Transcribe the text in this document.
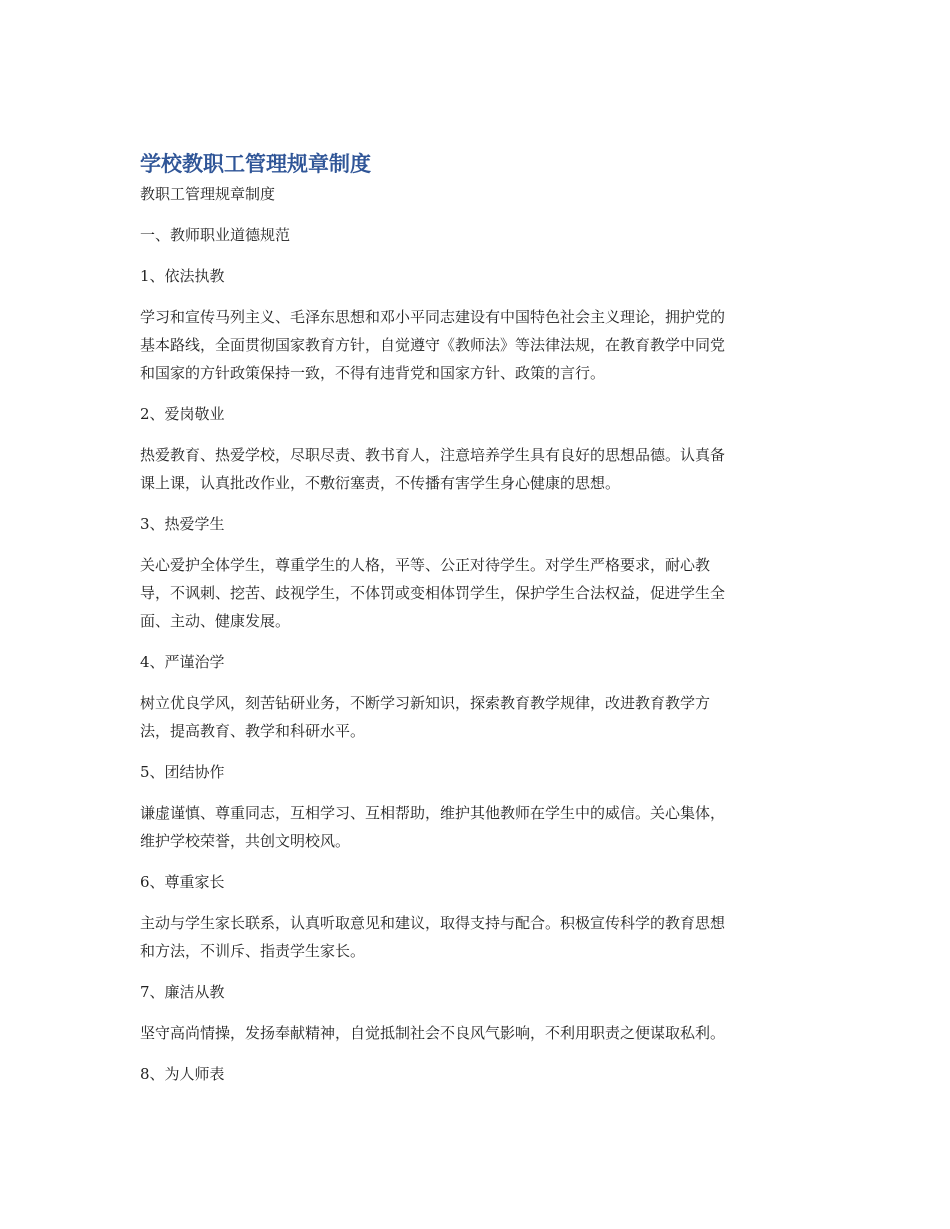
学校教职工管理规章制度
教职工管理规章制度
一、教师职业道德规范
1、依法执教
学习和宣传马列主义、毛泽东思想和邓小平同志建设有中国特色社会主义理论，拥护党的
基本路线，全面贯彻国家教育方针，自觉遵守《教师法》等法律法规，在教育教学中同党
和国家的方针政策保持一致，不得有违背党和国家方针、政策的言行。
2、爱岗敬业
热爱教育、热爱学校，尽职尽责、教书育人，注意培养学生具有良好的思想品德。认真备
课上课，认真批改作业，不敷衍塞责，不传播有害学生身心健康的思想。
3、热爱学生
关心爱护全体学生，尊重学生的人格，平等、公正对待学生。对学生严格要求，耐心教
导，不讽刺、挖苦、歧视学生，不体罚或变相体罚学生，保护学生合法权益，促进学生全
面、主动、健康发展。
4、严谨治学
树立优良学风，刻苦钻研业务，不断学习新知识，探索教育教学规律，改进教育教学方
法，提高教育、教学和科研水平。
5、团结协作
谦虚谨慎、尊重同志，互相学习、互相帮助，维护其他教师在学生中的威信。关心集体，
维护学校荣誉，共创文明校风。
6、尊重家长
主动与学生家长联系，认真听取意见和建议，取得支持与配合。积极宣传科学的教育思想
和方法，不训斥、指责学生家长。
7、廉洁从教
坚守高尚情操，发扬奉献精神，自觉抵制社会不良风气影响，不利用职责之便谋取私利。
8、为人师表
